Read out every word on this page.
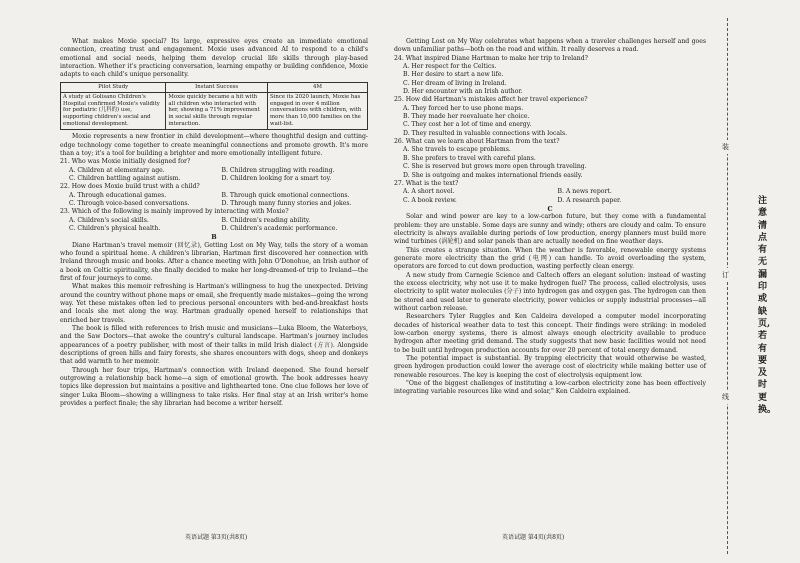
What makes Moxie special? Its large, expressive eyes create an immediate emotional connection, creating trust and engagement. Moxie uses advanced AI to respond to a child's emotional and social needs, helping them develop crucial life skills through play-based interaction. Whether it's practicing conversation, learning empathy or building confidence, Moxie adapts to each child's unique personality.

Pilot Study	Instant Success	4M
A study at Golisano Children's Hospital confirmed Moxie's validity for pediatric (儿科的) use, supporting children's social and emotional development.	Moxie quickly became a hit with all children who interacted with her, showing a 71% improvement in social skills through regular interaction.	Since its 2020 launch, Moxie has engaged in over 4 million conversations with children, with more than 10,000 families on the wait-list.

Moxie represents a new frontier in child development—where thoughtful design and cutting-edge technology come together to create meaningful connections and promote growth. It's more than a toy; it's a tool for building a brighter and more emotionally intelligent future.

21. Who was Moxie initially designed for?

A. Children at elementary age.	B. Children struggling with reading.
C. Children battling against autism.	D. Children looking for a smart toy.

22. How does Moxie build trust with a child?

A. Through educational games.	B. Through quick emotional connections.
C. Through voice-based conversations.	D. Through many funny stories and jokes.

23. Which of the following is mainly improved by interacting with Moxie?

A. Children's social skills.	B. Children's reading ability.
C. Children's physical health.	D. Children's academic performance.
B

Diane Hartman's travel memoir (回忆录), Getting Lost on My Way, tells the story of a woman who found a spiritual home. A children's librarian, Hartman first discovered her connection with Ireland through music and books. After a chance meeting with John O'Donohue, an Irish author of a book on Celtic spirituality, she finally decided to make her long-dreamed-of trip to Ireland—the first of four journeys to come.

What makes this memoir refreshing is Hartman's willingness to hug the unexpected. Driving around the country without phone maps or email, she frequently made mistakes—going the wrong way. Yet these mistakes often led to precious personal encounters with bed-and-breakfast hosts and locals she met along the way. Hartman gradually opened herself to relationships that enriched her travels.

The book is filled with references to Irish music and musicians—Luka Bloom, the Waterboys, and the Saw Doctors—that awoke the country's cultural landscape. Hartman's journey includes appearances of a poetry publisher, with most of their talks in mild Irish dialect (方言). Alongside descriptions of green hills and fairy forests, she shares encounters with dogs, sheep and donkeys that add warmth to her memoir.

Through her four trips, Hartman's connection with Ireland deepened. She found herself outgrowing a relationship back home—a sign of emotional growth. The book addresses heavy topics like depression but maintains a positive and lighthearted tone. One clue follows her love of singer Luka Bloom—showing a willingness to take risks. Her final stay at an Irish writer's home provides a perfect finale; the shy librarian had become a writer herself.

英语试题 第3页(共8页)

Getting Lost on My Way celebrates what happens when a traveler challenges herself and goes down unfamiliar paths—both on the road and within. It really deserves a read.

24. What inspired Diane Hartman to make her trip to Ireland?

A. Her respect for the Celtics.
B. Her desire to start a new life.
C. Her dream of living in Ireland.
D. Her encounter with an Irish author.

25. How did Hartman's mistakes affect her travel experience?

A. They forced her to use phone maps.
B. They made her reevaluate her choice.
C. They cost her a lot of time and energy.
D. They resulted in valuable connections with locals.

26. What can we learn about Hartman from the text?

A. She travels to escape problems.
B. She prefers to travel with careful plans.
C. She is reserved but grows more open through traveling.
D. She is outgoing and makes international friends easily.

27. What is the text?

A. A short novel.	B. A news report.
C. A book review.	D. A research paper.
C

Solar and wind power are key to a low-carbon future, but they come with a fundamental problem: they are unstable. Some days are sunny and windy; others are cloudy and calm. To ensure electricity is always available during periods of low production, energy planners must build more wind turbines (涡轮机) and solar panels than are actually needed on fine weather days.

This creates a strange situation. When the weather is favorable, renewable energy systems generate more electricity than the grid (电网) can handle. To avoid overloading the system, operators are forced to cut down production, wasting perfectly clean energy.

A new study from Carnegie Science and Caltech offers an elegant solution: instead of wasting the excess electricity, why not use it to make hydrogen fuel? The process, called electrolysis, uses electricity to split water molecules (分子) into hydrogen gas and oxygen gas. The hydrogen can then be stored and used later to generate electricity, power vehicles or supply industrial processes—all without carbon release.

Researchers Tyler Ruggles and Ken Caldeira developed a computer model incorporating decades of historical weather data to test this concept. Their findings were striking: in modeled low-carbon energy systems, there is almost always enough electricity available to produce hydrogen after meeting grid demand. The study suggests that new basic facilities would not need to be built until hydrogen production accounts for over 20 percent of total energy demand.

The potential impact is substantial. By trapping electricity that would otherwise be wasted, green hydrogen production could lower the average cost of electricity while making better use of renewable resources. The key is keeping the cost of electrolysis equipment low.

"One of the biggest challenges of instituting a low-carbon electricity zone has been effectively integrating variable resources like wind and solar," Ken Caldeira explained.

英语试题 第4页(共8页)
装
订
线
注意清点有无漏印或缺页,若有要及时更换。
